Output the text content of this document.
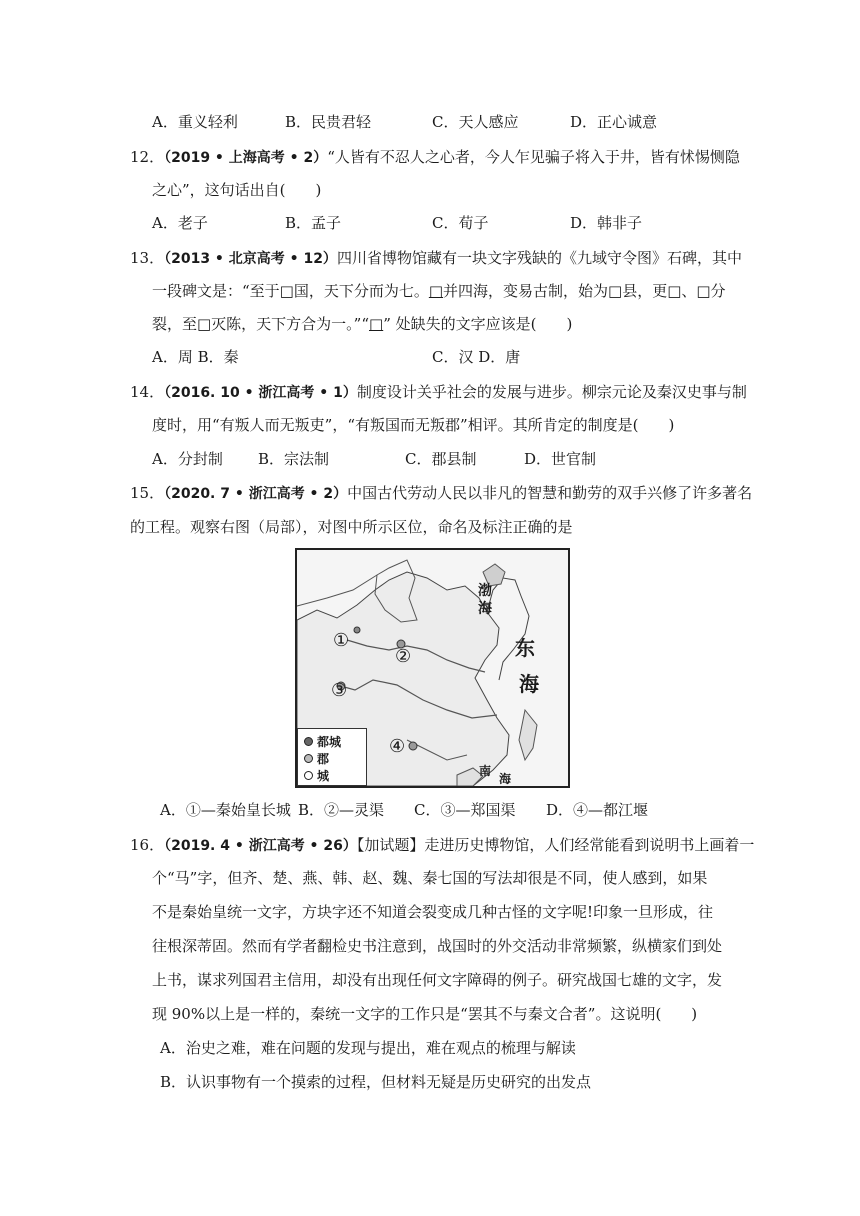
A．重义轻利	B．民贵君轻	C．天人感应	D．正心诚意
12．（2019 • 上海高考 • 2）“人皆有不忍人之心者，今人乍见骗子将入于井，皆有怵惕恻隐
之心”，这句话出自(　　)
A．老子	B．孟子	C．荀子	D．韩非子
13．（2013 • 北京高考 • 12）四川省博物馆藏有一块文字残缺的《九域守令图》石碑，其中
一段碑文是：“至于□国，天下分而为七。□并四海，变易古制，始为□县，更□、□分
裂，至□灭陈，天下方合为一。”“□” 处缺失的文字应该是(　　)
A．周 B．秦	C．汉 D．唐
14．（2016. 10 • 浙江高考 • 1）制度设计关乎社会的发展与进步。柳宗元论及秦汉史事与制
度时，用“有叛人而无叛吏”，“有叛国而无叛郡”相评。其所肯定的制度是(　　)
A．分封制 B．宗法制	C．郡县制	D．世官制
15．（2020. 7 • 浙江高考 • 2）中国古代劳动人民以非凡的智慧和勤劳的双手兴修了许多著名
的工程。观察右图（局部），对图中所示区位，命名及标注正确的是
渤
海
东
海
南
海
①
②
③
④
都城
郡
城
A．①—秦始皇长城 B．②—灵渠 C．③—郑国渠 D．④—都江堰
16．（2019. 4 • 浙江高考 • 26）【加试题】走进历史博物馆，人们经常能看到说明书上画着一
个“马”字，但齐、楚、燕、韩、赵、魏、秦七国的写法却很是不同，使人感到，如果
不是秦始皇统一文字，方块字还不知道会裂变成几种古怪的文字呢!印象一旦形成，往
往根深蒂固。然而有学者翻检史书注意到，战国时的外交活动非常频繁，纵横家们到处
上书，谋求列国君主信用，却没有出现任何文字障碍的例子。研究战国七雄的文字，发
现 90%以上是一样的，秦统一文字的工作只是“罢其不与秦文合者”。这说明(　　)
A．治史之难，难在问题的发现与提出，难在观点的梳理与解读
B．认识事物有一个摸索的过程，但材料无疑是历史研究的出发点
